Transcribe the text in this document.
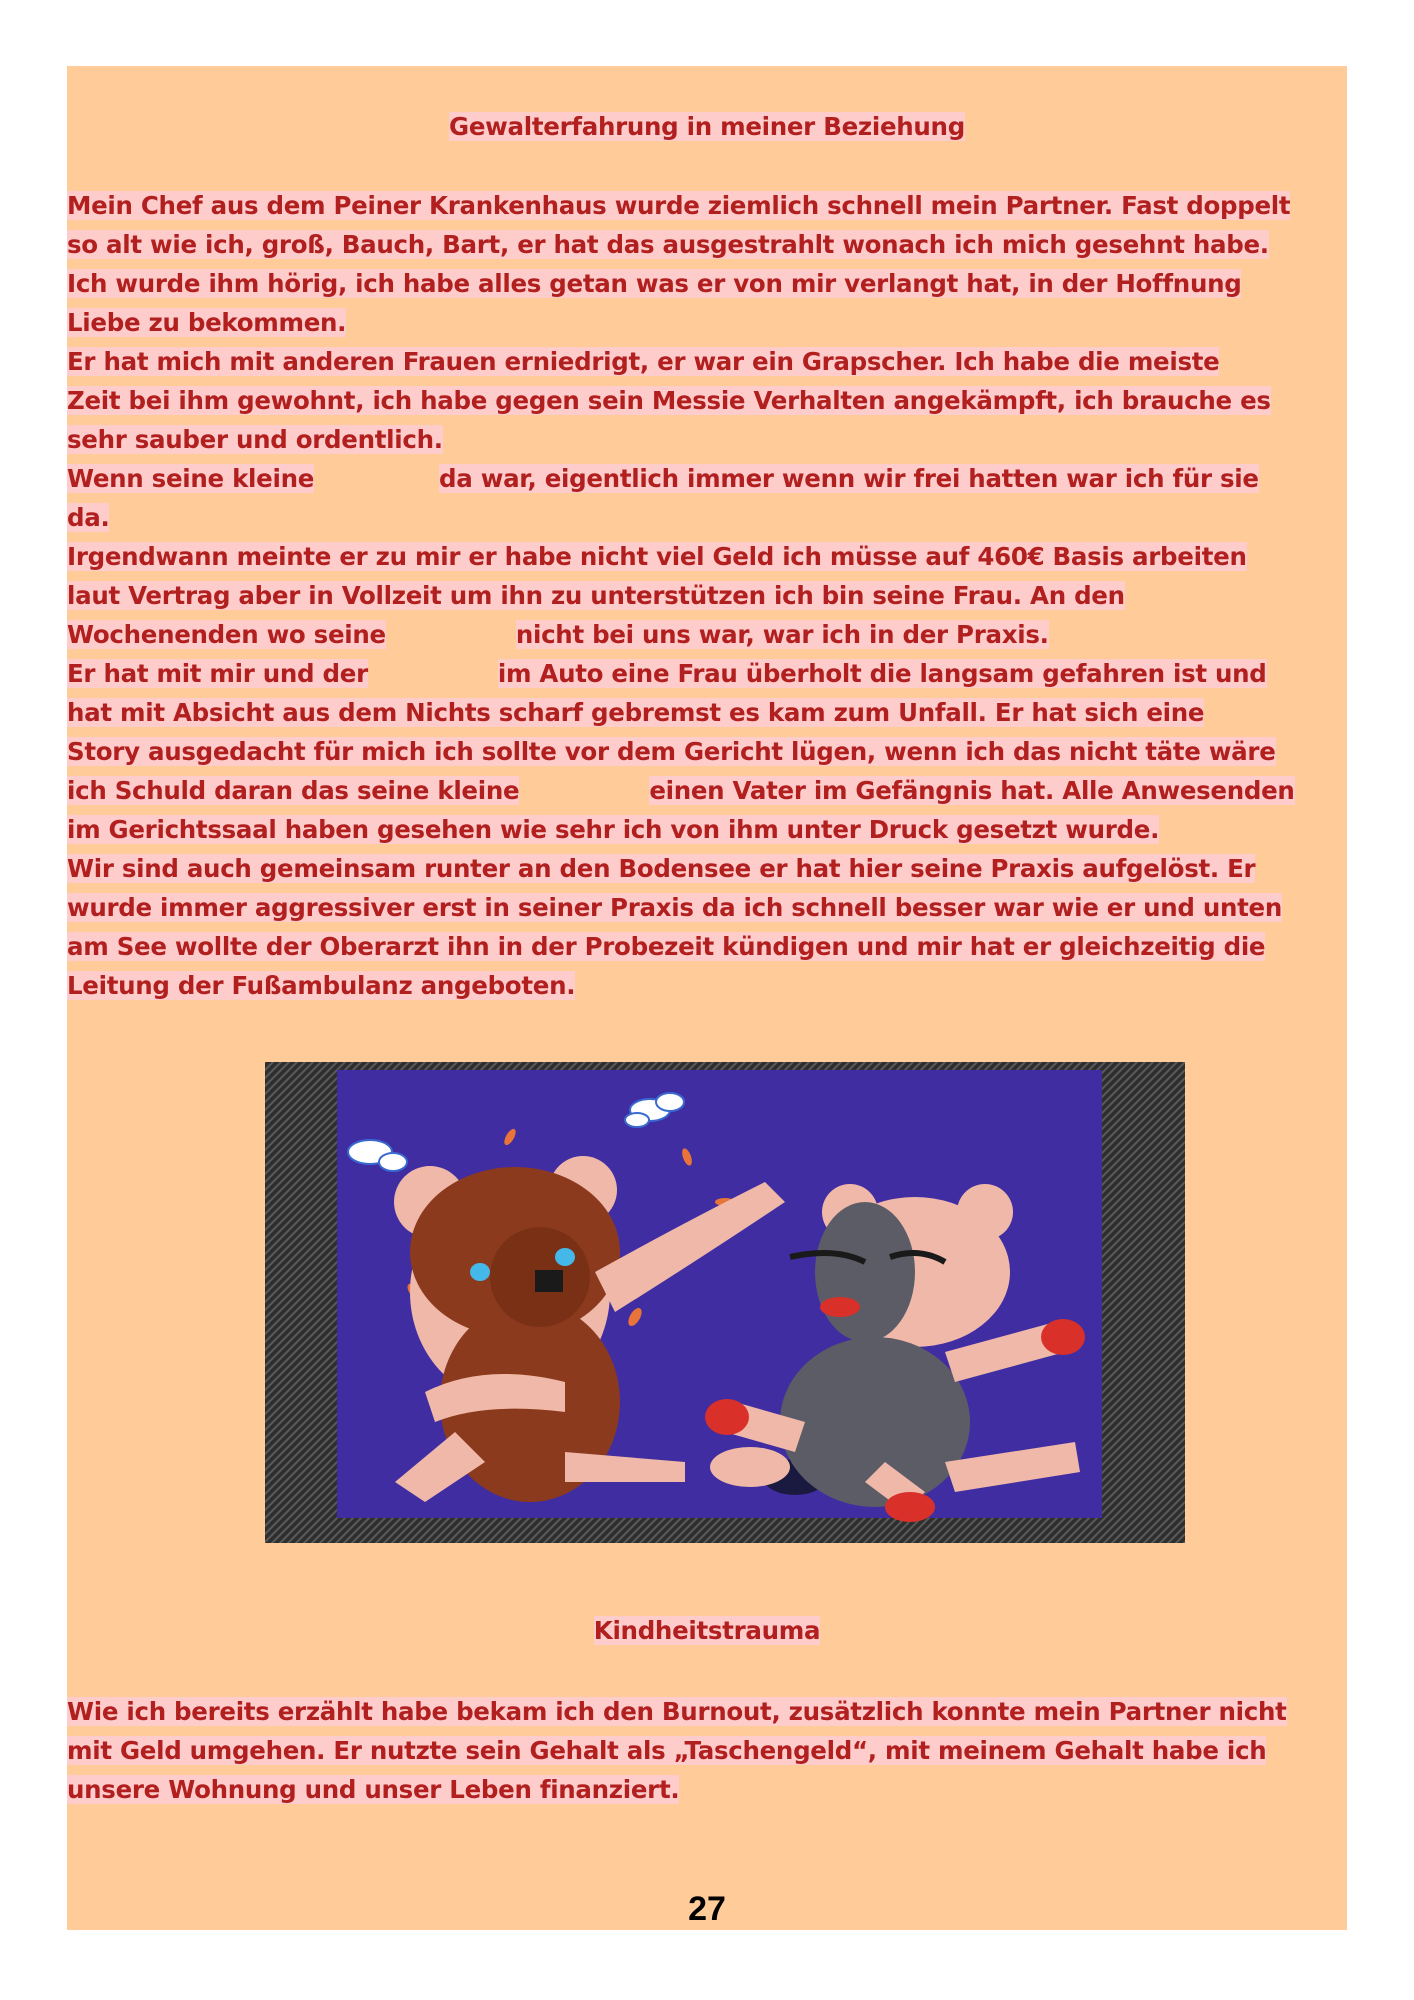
Gewalterfahrung in meiner Beziehung
Mein Chef aus dem Peiner Krankenhaus wurde ziemlich schnell mein Partner. Fast doppelt
so alt wie ich, groß, Bauch, Bart, er hat das ausgestrahlt wonach ich mich gesehnt habe.
Ich wurde ihm hörig, ich habe alles getan was er von mir verlangt hat, in der Hoffnung
Liebe zu bekommen.
Er hat mich mit anderen Frauen erniedrigt, er war ein Grapscher. Ich habe die meiste
Zeit bei ihm gewohnt, ich habe gegen sein Messie Verhalten angekämpft, ich brauche es
sehr sauber und ordentlich.
Wenn seine kleine	da war, eigentlich immer wenn wir frei hatten war ich für sie
da.
Irgendwann meinte er zu mir er habe nicht viel Geld ich müsse auf 460€ Basis arbeiten
laut Vertrag aber in Vollzeit um ihn zu unterstützen ich bin seine Frau. An den
Wochenenden wo seine	nicht bei uns war, war ich in der Praxis.
Er hat mit mir und der	im Auto eine Frau überholt die langsam gefahren ist und
hat mit Absicht aus dem Nichts scharf gebremst es kam zum Unfall. Er hat sich eine
Story ausgedacht für mich ich sollte vor dem Gericht lügen, wenn ich das nicht täte wäre
ich Schuld daran das seine kleine	einen Vater im Gefängnis hat. Alle Anwesenden
im Gerichtssaal haben gesehen wie sehr ich von ihm unter Druck gesetzt wurde.
Wir sind auch gemeinsam runter an den Bodensee er hat hier seine Praxis aufgelöst. Er
wurde immer aggressiver erst in seiner Praxis da ich schnell besser war wie er und unten
am See wollte der Oberarzt ihn in der Probezeit kündigen und mir hat er gleichzeitig die
Leitung der Fußambulanz angeboten.
Kindheitstrauma
Wie ich bereits erzählt habe bekam ich den Burnout, zusätzlich konnte mein Partner nicht
mit Geld umgehen. Er nutzte sein Gehalt als „Taschengeld“, mit meinem Gehalt habe ich
unsere Wohnung und unser Leben finanziert.
27
